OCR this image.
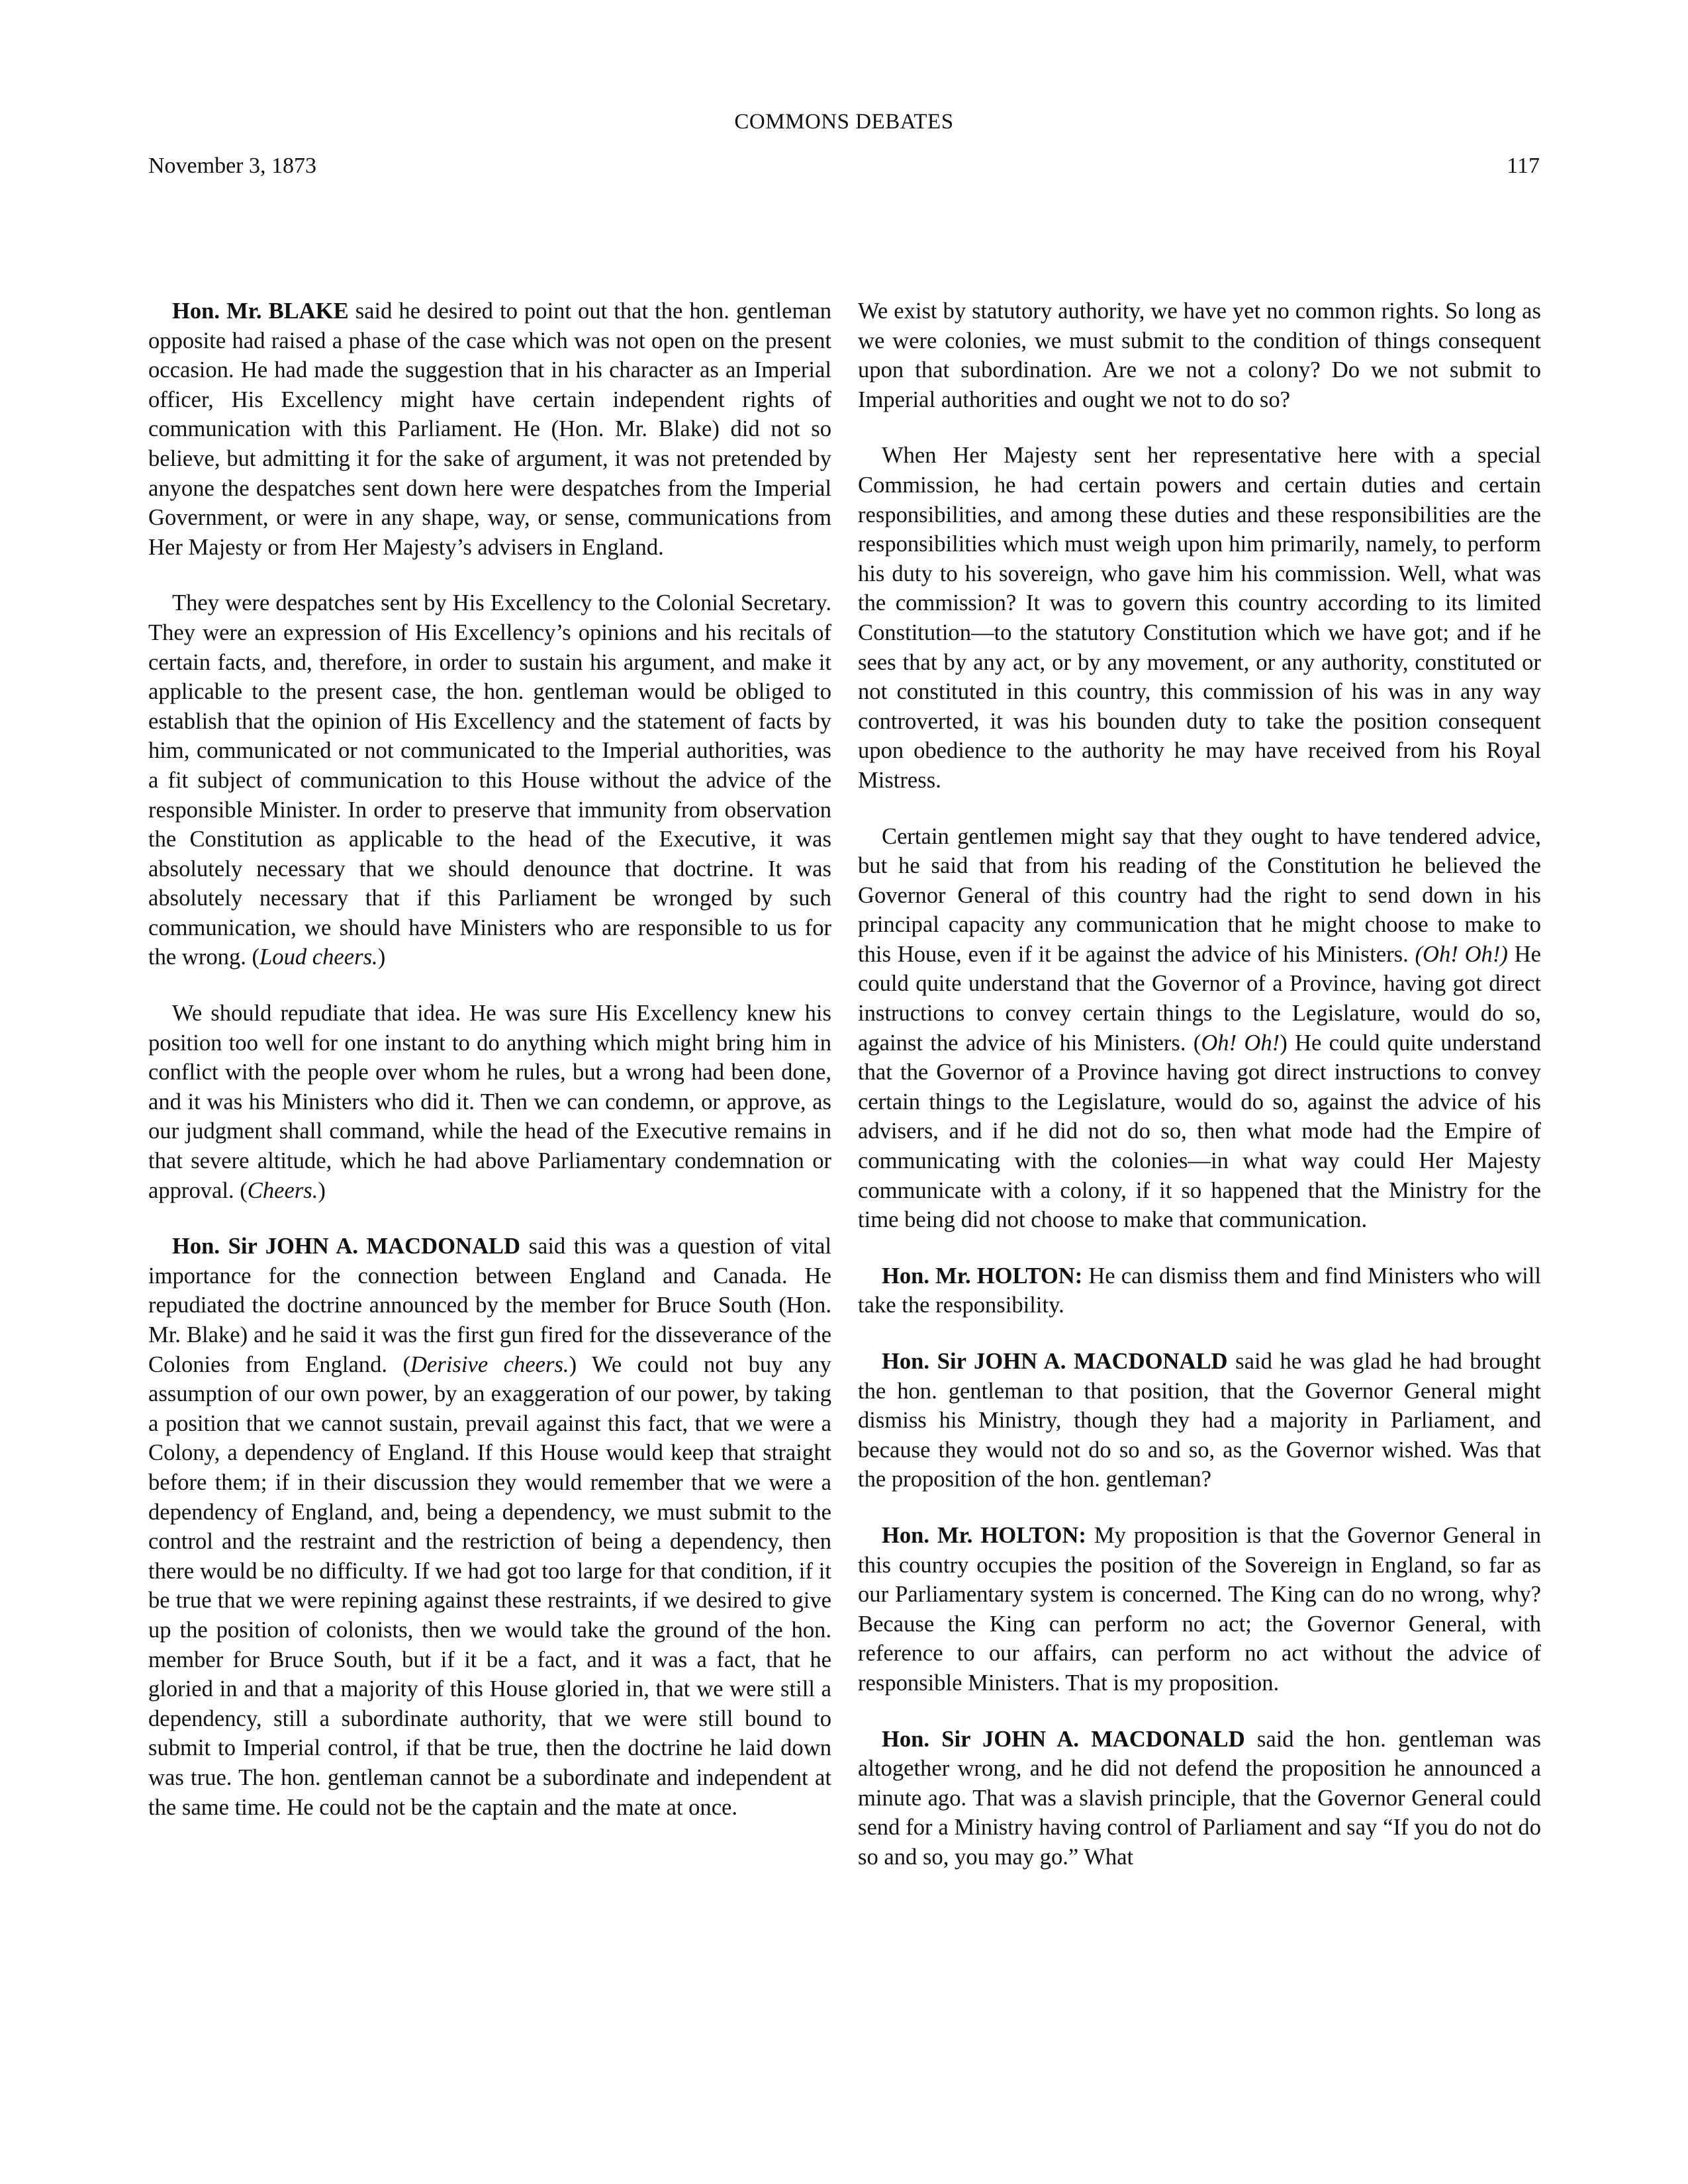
COMMONS DEBATES
November 3, 1873	117

Hon. Mr. BLAKE said he desired to point out that the hon. gentleman opposite had raised a phase of the case which was not open on the present occasion. He had made the suggestion that in his character as an Imperial officer, His Excellency might have certain independent rights of communication with this Parliament. He (Hon. Mr. Blake) did not so believe, but admitting it for the sake of argument, it was not pretended by anyone the despatches sent down here were despatches from the Imperial Government, or were in any shape, way, or sense, communications from Her Majesty or from Her Majesty’s advisers in England.

They were despatches sent by His Excellency to the Colonial Secretary. They were an expression of His Excellency’s opinions and his recitals of certain facts, and, therefore, in order to sustain his argument, and make it applicable to the present case, the hon. gentleman would be obliged to establish that the opinion of His Excellency and the statement of facts by him, communicated or not communicated to the Imperial authorities, was a fit subject of communication to this House without the advice of the responsible Minister. In order to preserve that immunity from observation the Constitution as applicable to the head of the Executive, it was absolutely necessary that we should denounce that doctrine. It was absolutely necessary that if this Parliament be wronged by such communication, we should have Ministers who are responsible to us for the wrong. (Loud cheers.)

We should repudiate that idea. He was sure His Excellency knew his position too well for one instant to do anything which might bring him in conflict with the people over whom he rules, but a wrong had been done, and it was his Ministers who did it. Then we can condemn, or approve, as our judgment shall command, while the head of the Executive remains in that severe altitude, which he had above Parliamentary condemnation or approval. (Cheers.)

Hon. Sir JOHN A. MACDONALD said this was a question of vital importance for the connection between England and Canada. He repudiated the doctrine announced by the member for Bruce South (Hon. Mr. Blake) and he said it was the first gun fired for the disseverance of the Colonies from England. (Derisive cheers.) We could not buy any assumption of our own power, by an exaggeration of our power, by taking a position that we cannot sustain, prevail against this fact, that we were a Colony, a dependency of England. If this House would keep that straight before them; if in their discussion they would remember that we were a dependency of England, and, being a dependency, we must submit to the control and the restraint and the restriction of being a dependency, then there would be no difficulty. If we had got too large for that condition, if it be true that we were repining against these restraints, if we desired to give up the position of colonists, then we would take the ground of the hon. member for Bruce South, but if it be a fact, and it was a fact, that he gloried in and that a majority of this House gloried in, that we were still a dependency, still a subordinate authority, that we were still bound to submit to Imperial control, if that be true, then the doctrine he laid down was true. The hon. gentleman cannot be a subordinate and independent at the same time. He could not be the captain and the mate at once.

We exist by statutory authority, we have yet no common rights. So long as we were colonies, we must submit to the condition of things consequent upon that subordination. Are we not a colony? Do we not submit to Imperial authorities and ought we not to do so?

When Her Majesty sent her representative here with a special Commission, he had certain powers and certain duties and certain responsibilities, and among these duties and these responsibilities are the responsibilities which must weigh upon him primarily, namely, to perform his duty to his sovereign, who gave him his commission. Well, what was the commission? It was to govern this country according to its limited Constitution—to the statutory Constitution which we have got; and if he sees that by any act, or by any movement, or any authority, constituted or not constituted in this country, this commission of his was in any way controverted, it was his bounden duty to take the position consequent upon obedience to the authority he may have received from his Royal Mistress.

Certain gentlemen might say that they ought to have tendered advice, but he said that from his reading of the Constitution he believed the Governor General of this country had the right to send down in his principal capacity any communication that he might choose to make to this House, even if it be against the advice of his Ministers. (Oh! Oh!) He could quite understand that the Governor of a Province, having got direct instructions to convey certain things to the Legislature, would do so, against the advice of his Ministers. (Oh! Oh!) He could quite understand that the Governor of a Province having got direct instructions to convey certain things to the Legislature, would do so, against the advice of his advisers, and if he did not do so, then what mode had the Empire of communicating with the colonies—in what way could Her Majesty communicate with a colony, if it so happened that the Ministry for the time being did not choose to make that communication.

Hon. Mr. HOLTON: He can dismiss them and find Ministers who will take the responsibility.

Hon. Sir JOHN A. MACDONALD said he was glad he had brought the hon. gentleman to that position, that the Governor General might dismiss his Ministry, though they had a majority in Parliament, and because they would not do so and so, as the Governor wished. Was that the proposition of the hon. gentleman?

Hon. Mr. HOLTON: My proposition is that the Governor General in this country occupies the position of the Sovereign in England, so far as our Parliamentary system is concerned. The King can do no wrong, why? Because the King can perform no act; the Governor General, with reference to our affairs, can perform no act without the advice of responsible Ministers. That is my proposition.

Hon. Sir JOHN A. MACDONALD said the hon. gentleman was altogether wrong, and he did not defend the proposition he announced a minute ago. That was a slavish principle, that the Governor General could send for a Ministry having control of Parliament and say “If you do not do so and so, you may go.” What
